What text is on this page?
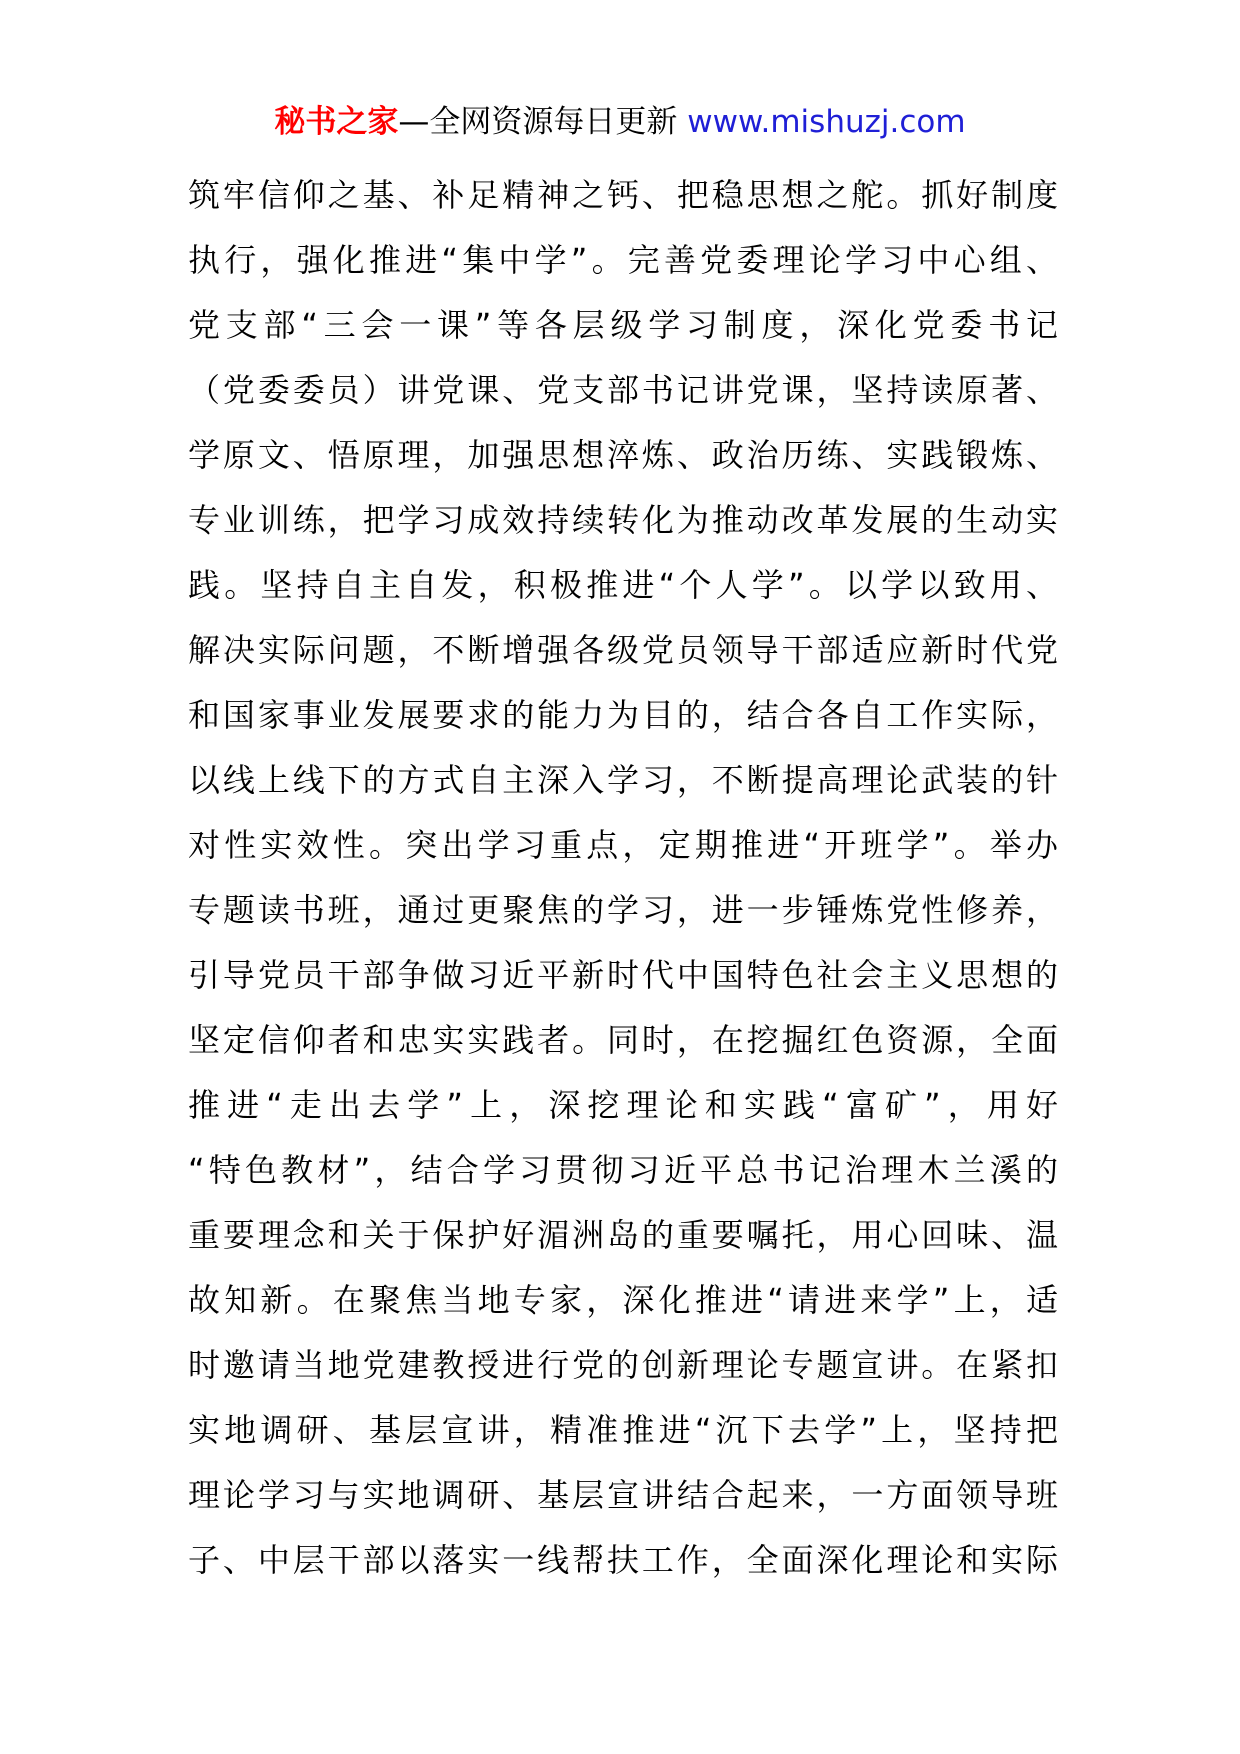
秘书之家—全网资源每日更新 www.mishuzj.com
筑牢信仰之基、补足精神之钙、把稳思想之舵。抓好制度
执行，强化推进“集中学”。完善党委理论学习中心组、
党支部“三会一课”等各层级学习制度，深化党委书记
（党委委员）讲党课、党支部书记讲党课，坚持读原著、
学原文、悟原理，加强思想淬炼、政治历练、实践锻炼、
专业训练，把学习成效持续转化为推动改革发展的生动实
践。坚持自主自发，积极推进“个人学”。以学以致用、
解决实际问题，不断增强各级党员领导干部适应新时代党
和国家事业发展要求的能力为目的，结合各自工作实际，
以线上线下的方式自主深入学习，不断提高理论武装的针
对性实效性。突出学习重点，定期推进“开班学”。举办
专题读书班，通过更聚焦的学习，进一步锤炼党性修养，
引导党员干部争做习近平新时代中国特色社会主义思想的
坚定信仰者和忠实实践者。同时，在挖掘红色资源，全面
推进“走出去学”上，深挖理论和实践“富矿”，用好
“特色教材”，结合学习贯彻习近平总书记治理木兰溪的
重要理念和关于保护好湄洲岛的重要嘱托，用心回味、温
故知新。在聚焦当地专家，深化推进“请进来学”上，适
时邀请当地党建教授进行党的创新理论专题宣讲。在紧扣
实地调研、基层宣讲，精准推进“沉下去学”上，坚持把
理论学习与实地调研、基层宣讲结合起来，一方面领导班
子、中层干部以落实一线帮扶工作，全面深化理论和实际
